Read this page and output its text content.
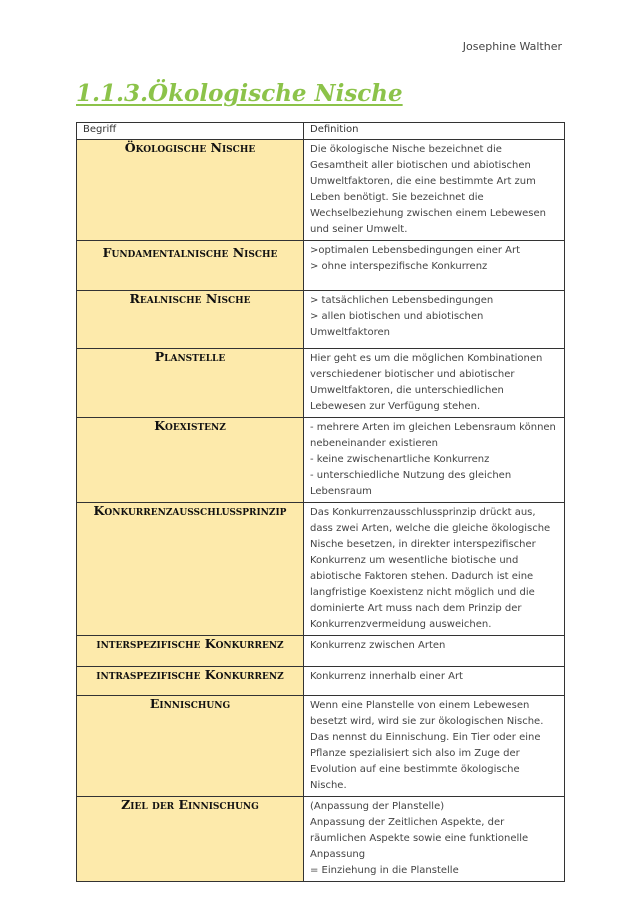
Josephine Walther
1.1.3.Ökologische Nische
Begriff	Definition
Ökologische Nische	Die ökologische Nische bezeichnet die Gesamtheit aller biotischen und abiotischen Umweltfaktoren, die eine bestimmte Art zum Leben benötigt. Sie bezeichnet die Wechselbeziehung zwischen einem Lebewesen und seiner Umwelt.
Fundamentalnische Nische	>optimalen Lebensbedingungen einer Art
> ohne interspezifische Konkurrenz
Realnische Nische	> tatsächlichen Lebensbedingungen
> allen biotischen und abiotischen Umweltfaktoren
Planstelle	Hier geht es um die möglichen Kombinationen verschiedener biotischer und abiotischer Umweltfaktoren, die unterschiedlichen Lebewesen zur Verfügung stehen.
Koexistenz	- mehrere Arten im gleichen Lebensraum können nebeneinander existieren
- keine zwischenartliche Konkurrenz
- unterschiedliche Nutzung des gleichen Lebensraum
Konkurrenzausschlussprinzip	Das Konkurrenzausschlussprinzip drückt aus, dass zwei Arten, welche die gleiche ökologische Nische besetzen, in direkter interspezifischer Konkurrenz um wesentliche biotische und abiotische Faktoren stehen. Dadurch ist eine langfristige Koexistenz nicht möglich und die dominierte Art muss nach dem Prinzip der Konkurrenzvermeidung ausweichen.
interspezifische Konkurrenz	Konkurrenz zwischen Arten
intraspezifische Konkurrenz	Konkurrenz innerhalb einer Art
Einnischung	Wenn eine Planstelle von einem Lebewesen besetzt wird, wird sie zur ökologischen Nische. Das nennst du Einnischung. Ein Tier oder eine Pflanze spezialisiert sich also im Zuge der Evolution auf eine bestimmte ökologische Nische.
Ziel der Einnischung	(Anpassung der Planstelle)
Anpassung der Zeitlichen Aspekte, der räumlichen Aspekte sowie eine funktionelle Anpassung
= Einziehung in die Planstelle
